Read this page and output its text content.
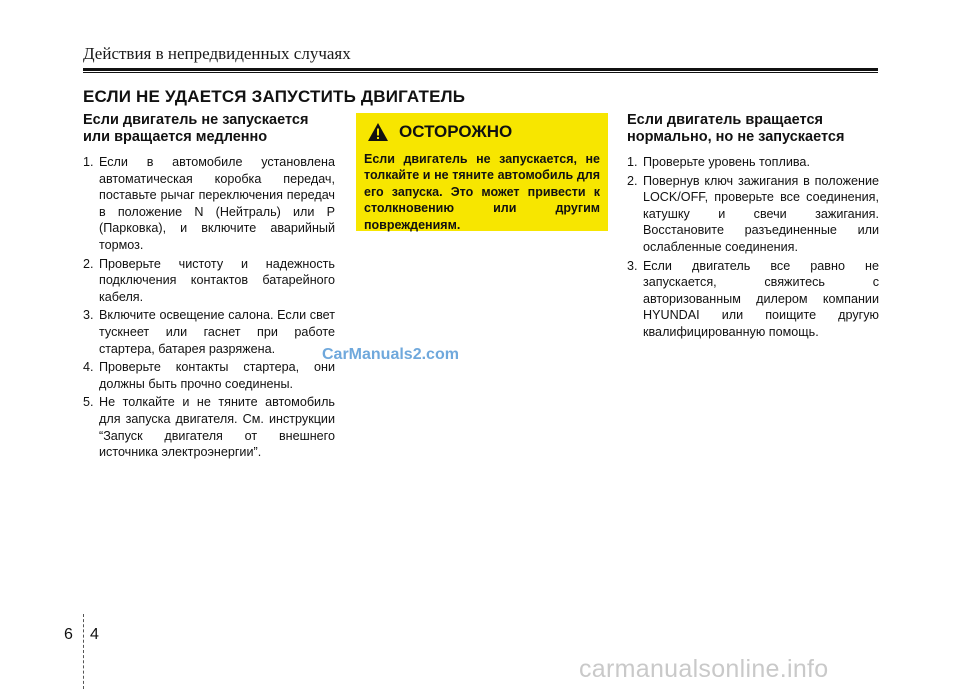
Действия в непредвиденных случаях
ЕСЛИ НЕ УДАЕТСЯ ЗАПУСТИТЬ ДВИГАТЕЛЬ
Если двигатель не запускается или вращается медленно
1. Если в автомобиле установлена автоматическая коробка передач, поставьте рычаг переключения передач в положение N (Нейтраль) или P (Парковка), и включите аварийный тормоз.
2. Проверьте чистоту и надежность подключения контактов батарейного кабеля.
3. Включите освещение салона. Если свет тускнеет или гаснет при работе стартера, батарея разряжена.
4. Проверьте контакты стартера, они должны быть прочно соединены.
5. Не толкайте и не тяните автомобиль для запуска двигателя. См. инструкции “Запуск двигателя от внешнего источника электроэнергии”.
ОСТОРОЖНО
Если двигатель не запускается, не толкайте и не тяните автомобиль для его запуска. Это может привести к столкновению или другим повреждениям.
CarManuals2.com
Если двигатель вращается нормально, но не запускается
1. Проверьте уровень топлива.
2. Повернув ключ зажигания в положение LOCK/OFF, проверьте все соединения, катушку и свечи зажигания. Восстановите разъединенные или ослабленные соединения.
3. Если двигатель все равно не запускается, свяжитесь с авторизованным дилером компании HYUNDAI или поищите другую квалифицированную помощь.
6 4
carmanualsonline.info
